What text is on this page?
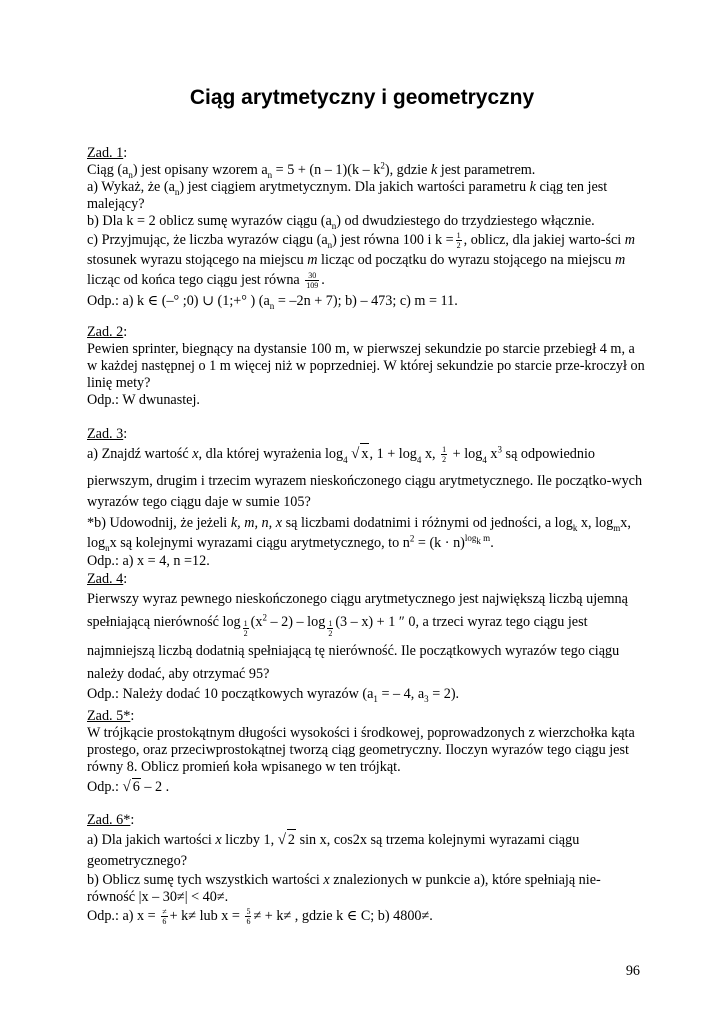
Ciąg arytmetyczny i geometryczny

Zad. 1:

Ciąg $(a_n)$ jest opisany wzorem $a_n = 5 + (n - 1)(k - k^2)$, gdzie k jest parametrem.

a) Wykaż, że $(a_n)$ jest ciągiem arytmetycznym. Dla jakich wartości parametru k ciąg ten jest malejący?

b) Dla k = 2 oblicz sumę wyrazów ciągu $(a_n)$ od dwudziestego do trzydziestego włącznie.

c) Przyjmując, że liczba wyrazów ciągu $(a_n)$ jest równa 100 i $k = \frac{1}{2}$ , oblicz, dla jakiej warto-ści m stosunek wyrazu stojącego na miejscu m licząc od początku do wyrazu stojącego na miejscu m licząc od końca tego ciągu jest równa $\frac{30}{109}$ .

Odp.: a) k ∈ (–° ;0) ∪ (1;+° ) $(a_n = -2n + 7)$; b) – 473; c) m = 11.

Zad. 2:

Pewien sprinter, biegnący na dystansie 100 m, w pierwszej sekundzie po starcie przebiegł 4 m, a w każdej następnej o 1 m więcej niż w poprzedniej. W której sekundzie po starcie prze-kroczył on linię mety?

Odp.: W dwunastej.

Zad. 3:

a) Znajdź wartość x, dla której wyrażenia log4 √ x, 1 + log4 x, $\frac{1}{2} + \log 4$ $x^3$ są odpowiednio pierwszym, drugim i trzecim wyrazem nieskończonego ciągu arytmetycznego. Ile początko-wych wyrazów tego ciągu daje w sumie 105?

*b) Udowodnij, że jeżeli k, m, n, x są liczbami dodatnimi i różnymi od jedności, a $\log_k x$, $\log_mx$, $\log_nx$ są kolejnymi wyrazami ciągu arytmetycznego, to $n^2 = (k \cdot n)^{log_k m}$.

Odp.: a) x = 4, n =12.

Zad. 4:

Pierwszy wyraz pewnego nieskończonego ciągu arytmetycznego jest największą liczbą ujemną spełniającą nierówność $\log \frac{1}{2} (x^2 - 2) - \log \frac{1}{2} (3 - x) + 1$ ″ 0, a trzeci wyraz tego ciągu jest najmniejszą liczbą dodatnią spełniającą tę nierówność. Ile początkowych wyrazów tego ciągu należy dodać, aby otrzymać 95?

Odp.: Należy dodać 10 początkowych wyrazów ($a_1$ = – 4, $a_3 = 2$).

Zad. 5*:

W trójkącie prostokątnym długości wysokości i środkowej, poprowadzonych z wierzchołka kąta prostego, oraz przeciwprostokątnej tworzą ciąg geometryczny. Iloczyn wyrazów tego ciągu jest równy 8. Oblicz promień koła wpisanego w ten trójkąt.

Odp.: √ 6 – 2 .

Zad. 6*:

a) Dla jakich wartości x liczby 1, √ 2 sin x, cos2x są trzema kolejnymi wyrazami ciągu geometrycznego?

b) Oblicz sumę tych wszystkich wartości x znalezionych w punkcie a), które spełniają nie-równość |x – 30≠| < 40≠.

Odp.: a) $x = \frac{\ne}{6} + k\ne$ lub $x = \frac{5}{6}$ ≠ + k≠ , gdzie k ∈ C; b) 4800≠.

96
